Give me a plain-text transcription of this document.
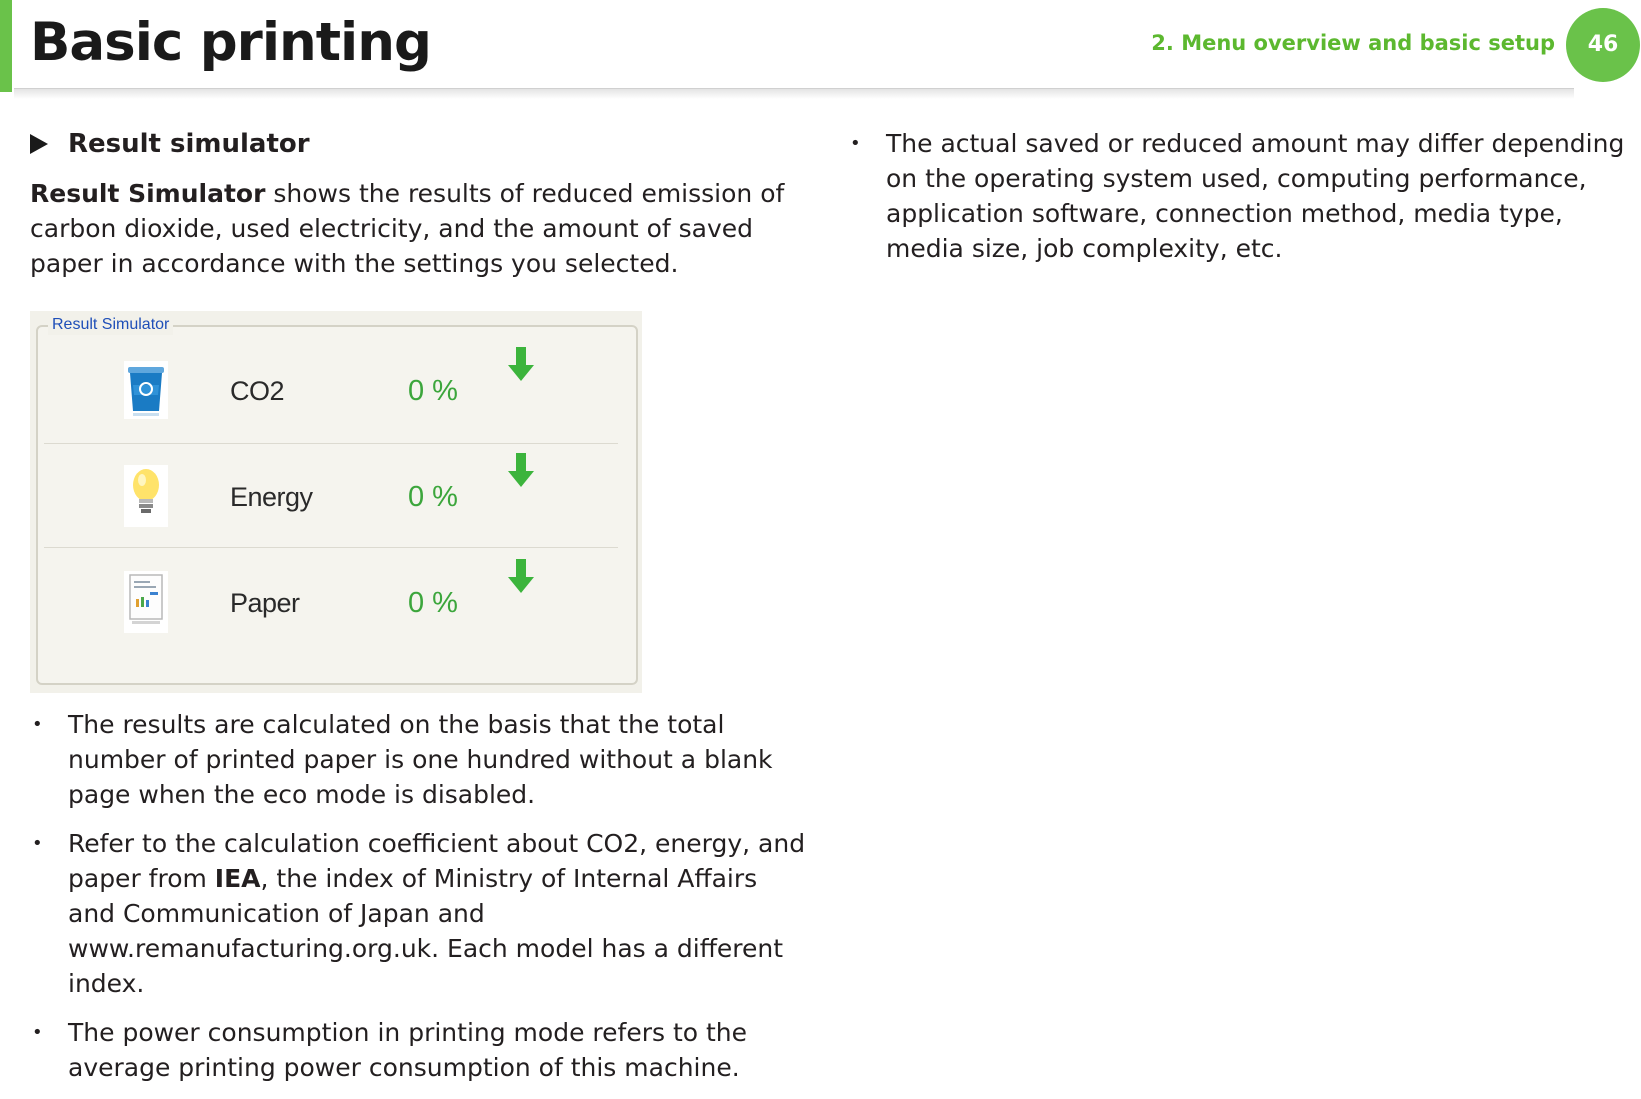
Basic printing	2. Menu overview and basic setup	46
Result simulator

Result Simulator shows the results of reduced emission of carbon dioxide, used electricity, and the amount of saved paper in accordance with the settings you selected.

Result Simulator
CO2	0 %
Energy	0 %
Paper	0 %
• The results are calculated on the basis that the total number of printed paper is one hundred without a blank page when the eco mode is disabled.
• Refer to the calculation coefficient about CO2, energy, and paper from IEA, the index of Ministry of Internal Affairs and Communication of Japan and www.remanufacturing.org.uk. Each model has a different index.
• The power consumption in printing mode refers to the average printing power consumption of this machine.
• The actual saved or reduced amount may differ depending on the operating system used, computing performance, application software, connection method, media type, media size, job complexity, etc.
